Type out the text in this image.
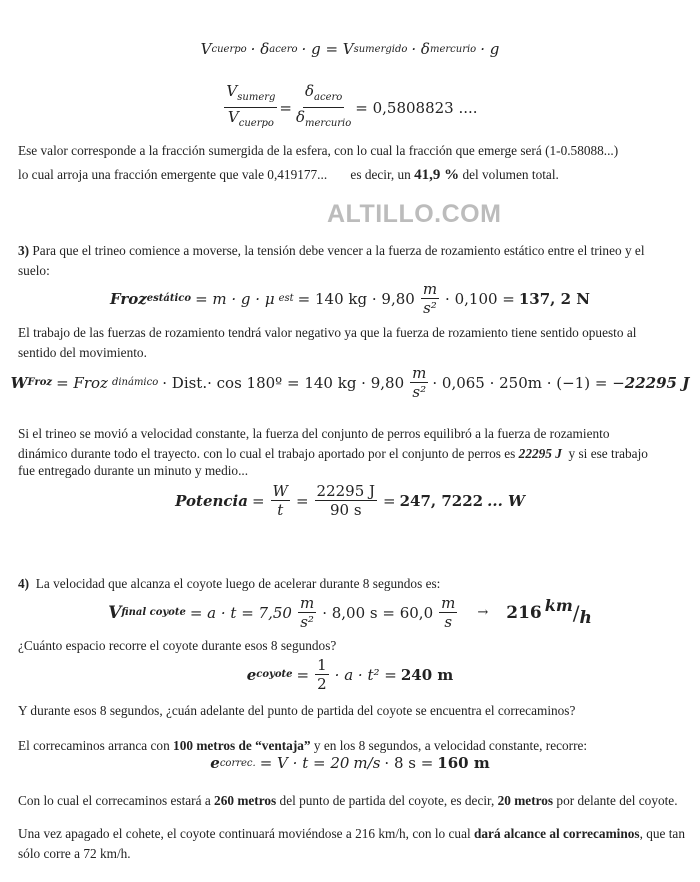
V cuerpo · δ acero · g = V sumergido · δ mercurio · g
$V_{sumerg}$
$V_{cuerpo}$
=
$\delta_{acero}$
$\delta_{mercurio}$
= 0,5808823 ....
Ese valor corresponde a la fracción sumergida de la esfera, con lo cual la fracción que emerge será (1-0.58088...)
lo cual arroja una fracción emergente que vale 0,419177...       es decir, un 41,9 % del volumen total.
ALTILLO.COM
3) Para que el trineo comience a moverse, la tensión debe vencer a la fuerza de rozamiento estático entre el trineo y el
suelo:
Froz estático = m · g · μ est = 140 kg · 9,80
m
s²
· 0,100 = 137, 2 N
El trabajo de las fuerzas de rozamiento tendrá valor negativo ya que la fuerza de rozamiento tiene sentido opuesto al
sentido del movimiento.
W Froz = Froz dinámico · Dist.· cos 180º = 140 kg · 9,80
m
s²
· 0,065 · 250m · (−1) = − 22295 J
Si el trineo se movió a velocidad constante, la fuerza del conjunto de perros equilibró a la fuerza de rozamiento
dinámico durante todo el trayecto. con lo cual el trabajo aportado por el conjunto de perros es 22295 J  y si ese trabajo
fue entregado durante un minuto y medio...
Potencia = $\frac{W}{t} = \frac{22295 J}{90 s} = 247$, 7222 ... W
4)  La velocidad que alcanza el coyote luego de acelerar durante 8 segundos es:
V final coyote = a · t = 7,50
m
s²
· 8,00 s = 60,0
m
s
→ 216 km / h
¿Cuánto espacio recorre el coyote durante esos 8 segundos?
e coyote = $\frac{1}{2} \cdot a \cdot t^2 = 240$ m
Y durante esos 8 segundos, ¿cuán adelante del punto de partida del coyote se encuentra el correcaminos?
El correcaminos arranca con 100 metros de “ventaja” y en los 8 segundos, a velocidad constante, recorre:
e correc. = V · t = 20 m/s · 8 s = 160 m
Con lo cual el correcaminos estará a 260 metros del punto de partida del coyote, es decir, 20 metros por delante del coyote.
Una vez apagado el cohete, el coyote continuará moviéndose a 216 km/h, con lo cual dará alcance al correcaminos, que tan
sólo corre a 72 km/h.
